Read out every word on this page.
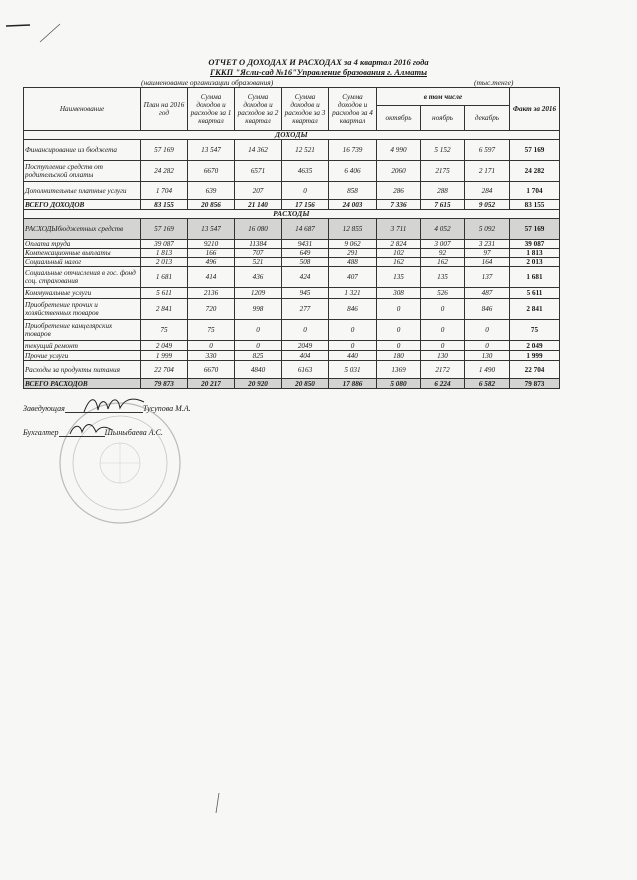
ОТЧЕТ О ДОХОДАХ И РАСХОДАХ за 4 квартал 2016 года
ГККП "Ясли-сад №16"Управление бразования г. Алматы
(наименование организации образования)	(тыс.тенге)
Наименование	План на 2016 год	Сумма доходов и расходов за 1 квартал	Сумма доходов и расходов за 2 квартал	Сумма доходов и расходов за 3 квартал	Сумма доходов и расходов за 4 квартал	в том числе			Факт за 2016
						октябрь	ноябрь	декабрь	
ДОХОДЫ									
Финансирование из бюджета	57 169	13 547	14 362	12 521	16 739	4 990	5 152	6 597	57 169
Поступление средств от родительской оплаты	24 282	6670	6571	4635	6 406	2060	2175	2 171	24 282
Дополнительные платные услуги	1 704	639	207	0	858	286	288	284	1 704
ВСЕГО ДОХОДОВ	83 155	20 856	21 140	17 156	24 003	7 336	7 615	9 052	83 155
РАСХОДЫ									
РАСХОДЫбюджетных средств	57 169	13 547	16 080	14 687	12 855	3 711	4 052	5 092	57 169
Оплата труда	39 087	9210	11384	9431	9 062	2 824	3 007	3 231	39 087
Компенсационные выплаты	1 813	166	707	649	291	102	92	97	1 813
Социальный налог	2 013	496	521	508	488	162	162	164	2 013
Социальные отчисления в гос. фонд соц. страхования	1 681	414	436	424	407	135	135	137	1 681
Коммунальные услуги	5 611	2136	1209	945	1 321	308	526	487	5 611
Приобретение прочих и хозяйственных товаров	2 841	720	998	277	846	0	0	846	2 841
Приобретение канцелярских товаров	75	75	0	0	0	0	0	0	75
текущий ремонт	2 049	0	0	2049	0	0	0	0	2 049
Прочие услуги	1 999	330	825	404	440	180	130	130	1 999
Расходы за продукты питания	22 704	6670	4840	6163	5 031	1369	2172	1 490	22 704
ВСЕГО РАСХОДОВ	79 873	20 217	20 920	20 850	17 886	5 080	6 224	6 582	79 873
Заведующая	Тусупова М.А.
Бухгалтер	Шыныбаева А.С.
